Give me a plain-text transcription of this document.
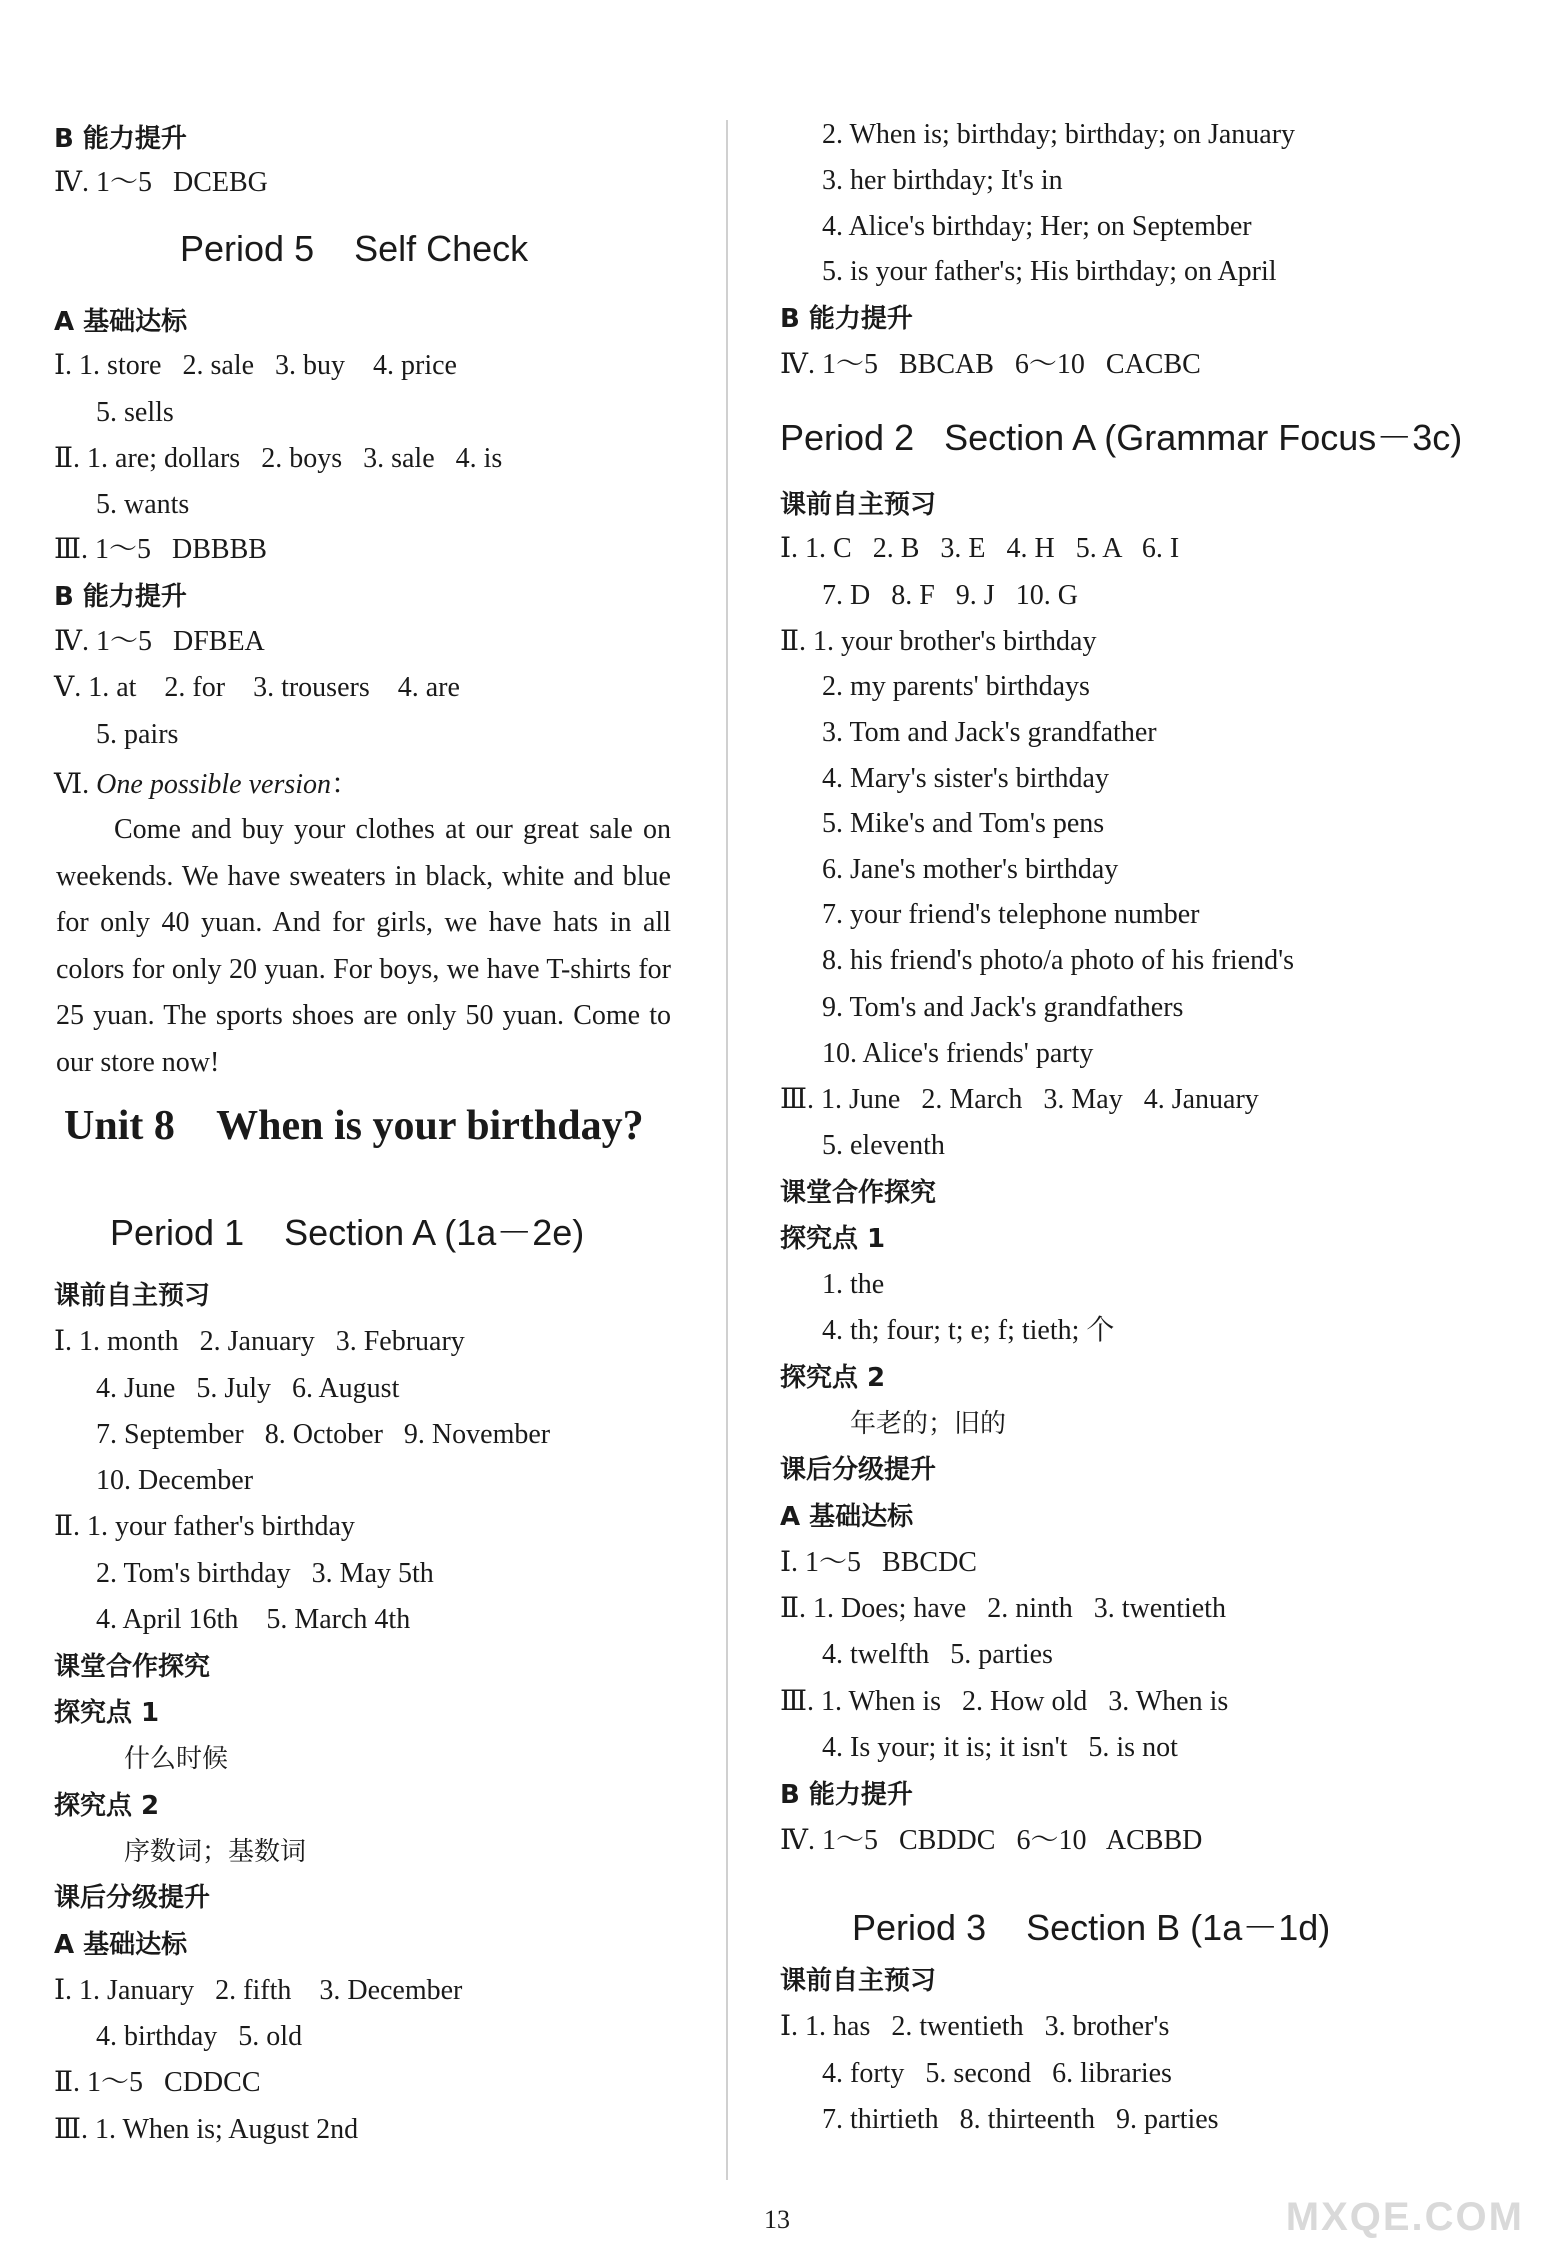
B 能力提升
Ⅳ. 1～5   DCEBG
A 基础达标
Ⅰ. 1. store   2. sale   3. buy    4. price
5. sells
Ⅱ. 1. are; dollars   2. boys   3. sale   4. is
5. wants
Ⅲ. 1～5   DBBBB
B 能力提升
Ⅳ. 1～5   DFBEA
Ⅴ. 1. at    2. for    3. trousers    4. are
5. pairs
课前自主预习
Ⅰ. 1. month   2. January   3. February
4. June   5. July   6. August
7. September   8. October   9. November
10. December
Ⅱ. 1. your father's birthday
2. Tom's birthday   3. May 5th
4. April 16th    5. March 4th
课堂合作探究
探究点 1
什么时候
探究点 2
序数词；基数词
课后分级提升
A 基础达标
Ⅰ. 1. January   2. fifth    3. December
4. birthday   5. old
Ⅱ. 1～5   CDDCC
Ⅲ. 1. When is; August 2nd
2. When is; birthday; birthday; on January
3. her birthday; It's in
4. Alice's birthday; Her; on September
5. is your father's; His birthday; on April
B 能力提升
Ⅳ. 1～5   BBCAB   6～10   CACBC
课前自主预习
Ⅰ. 1. C   2. B   3. E   4. H   5. A   6. I
7. D   8. F   9. J   10. G
Ⅱ. 1. your brother's birthday
2. my parents' birthdays
3. Tom and Jack's grandfather
4. Mary's sister's birthday
5. Mike's and Tom's pens
6. Jane's mother's birthday
7. your friend's telephone number
8. his friend's photo/a photo of his friend's
9. Tom's and Jack's grandfathers
10. Alice's friends' party
Ⅲ. 1. June   2. March   3. May   4. January
5. eleventh
课堂合作探究
探究点 1
1. the
4. th; four; t; e; f; tieth; 个
探究点 2
年老的；旧的
课后分级提升
A 基础达标
Ⅰ. 1～5   BBCDC
Ⅱ. 1. Does; have   2. ninth   3. twentieth
4. twelfth   5. parties
Ⅲ. 1. When is   2. How old   3. When is
4. Is your; it is; it isn't   5. is not
B 能力提升
Ⅳ. 1～5   CBDDC   6～10   ACBBD
课前自主预习
Ⅰ. 1. has   2. twentieth   3. brother's
4. forty   5. second   6. libraries
7. thirtieth   8. thirteenth   9. parties
Period 5    Self Check
Ⅵ. One possible version：
Come and buy your clothes at our great sale on weekends. We have sweaters in black, white and blue for only 40 yuan. And for girls, we have hats in all colors for only 20 yuan. For boys, we have T-shirts for 25 yuan. The sports shoes are only 50 yuan. Come to our store now!
Unit 8    When is your birthday?
Period 1    Section A (1a－2e)
Period 2   Section A (Grammar Focus－3c)
Period 3    Section B (1a－1d)
13	MXQE.COM
